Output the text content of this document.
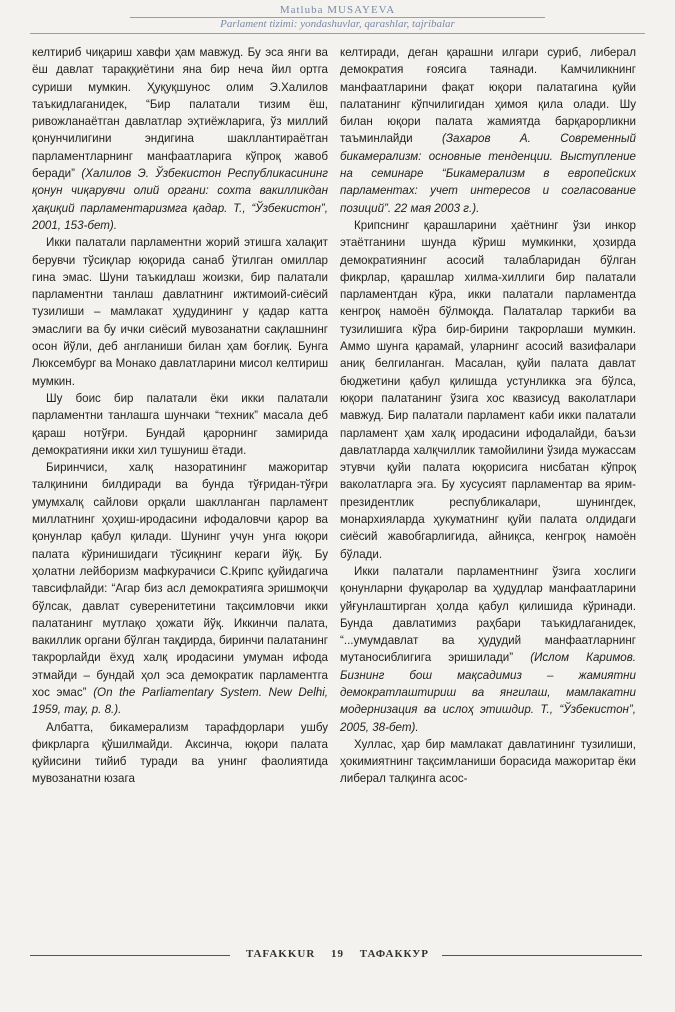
Matluba MUSAYEVA
Parlament tizimi: yondashuvlar, qarashlar, tajribalar

келтириб чиқариш хавфи ҳам мавжуд. Бу эса янги ва ёш давлат тараққиётини яна бир неча йил ортга суриши мумкин. Ҳуқуқшунос олим Э.Халилов таъкидлаганидек, “Бир палатали тизим ёш, ривожланаётган давлатлар эҳтиёжларига, ўз миллий қонунчилигини эндигина шакллантираётган парламентларнинг манфаатларига кўпроқ жавоб беради” (Халилов Э. Ўзбекистон Республикасининг қонун чиқарувчи олий органи: сохта вакилликдан ҳақиқий парламентаризмга қадар. Т., “Ўзбекистон”, 2001, 153-бет).

Икки палатали парламентни жорий этишга халақит берувчи тўсиқлар юқорида санаб ўтилган омиллар​гина эмас. Шуни таъкидлаш жоизки, бир палатали парламентни танлаш давлатнинг ижтимоий-сиёсий тузилиши – мамлакат ҳудудининг у қадар катта эмаслиги ва бу ички сиёсий мувозанатни сақлашнинг осон йўли, деб англаниши билан ҳам боғлиқ. Бунга Люксембург ва Монако давлатларини мисол келтириш мумкин.

Шу боис бир палатали ёки икки палатали парламентни танлашга шунчаки “техник” масала деб қараш нотўғри. Бундай қарорнинг замирида демократияни икки хил тушуниш ётади.

Биринчиси, халқ назоратининг мажоритар талқинини билдиради ва бунда тўғридан-тўғри умумхалқ сайлови орқали шаклланган парламент миллатнинг ҳоҳиш-иродасини ифодаловчи қарор ва қонунлар қабул қилади. Шунинг учун унга юқори палата кўринишидаги тўсиқнинг кераги йўқ. Бу ҳолатни лейборизм мафкурачиси С.Крипс қуйидагича тавсифлайди: “Агар биз асл демократияга эришмоқчи бўлсак, давлат суверенитетини тақсимловчи икки палатанинг мутлақо ҳожати йўқ. Иккинчи палата, вакиллик органи бўлган тақдирда, биринчи палатанинг такрорлайди ёхуд халқ иродасини умуман ифода этмайди – бундай ҳол эса демократик парламентга хос эмас” (On the Parliamentary System. New Delhi, 1959, may, p. 8.).

Албатта, бикамерализм тарафдорлари ушбу фикрларга қўшилмайди. Аксинча, юқори палата қуйисини тийиб туради ва унинг фаолиятида мувозанатни юзага

келтиради, деган қарашни илгари суриб, либерал демократия ғоясига таянади. Камчиликнинг манфаатларини фақат юқори палатагина қуйи палатанинг кўпчилигидан ҳимоя қила олади. Шу билан юқори палата жамиятда барқарорликни таъминлайди	(Захаров А. Современный бикамерализм: основные тенденции. Выступление на семинаре “Бикамерализм в европейских парламентах: учет интересов и согласование позиций”. 22 мая 2003 г.).

Крипснинг қарашларини ҳаётнинг ўзи инкор этаётганини шунда кўриш мумкинки, ҳозирда демократиянинг асосий талабларидан бўлган фикрлар, қарашлар хилма-хиллиги бир палатали парламентдан кўра, икки палатали парламентда кенгроқ намоён бўлмоқда. Палаталар таркиби ва тузилишига кўра бир-бирини такрорлаши мумкин. Аммо шунга қарамай, уларнинг асосий вазифалари аниқ белгиланган. Масалан, қуйи палата давлат бюджетини қабул қилишда устунликка эга бўлса, юқори палатанинг ўзига хос квазисуд ваколатлари мавжуд. Бир палатали парламент каби икки палатали парламент ҳам халқ иродасини ифодалайди, баъзи давлатларда халқчиллик тамойилини ўзида мужассам этувчи қуйи палата юқорисига нисбатан кўпроқ ваколатларга эга. Бу хусусият парламентар ва ярим-президентлик республикалари, шунингдек, монархияларда ҳукуматнинг қуйи палата олдидаги сиёсий жавобгарлигида, айниқса, кенгроқ намоён бўлади.

Икки палатали парламентнинг ўзига хослиги қонунларни фуқаролар ва ҳудудлар манфаатларини уйғунлаштирган ҳолда қабул қилишида кўринади. Бунда давлатимиз раҳбари таъкидлаганидек, “...умумдавлат ва ҳудудий манфаатларнинг мутаносиблигига эришилади” (Ислом Каримов. Бизнинг бош мақсадимиз – жамиятни демократлаштириш ва янгилаш, мамлакатни модернизация ва ислоҳ этишдир. Т., “Ўзбекистон”, 2005, 38-бет).

Хуллас, ҳар бир мамлакат давлатининг тузилиши, ҳокимиятнинг тақсимланиши борасида мажоритар ёки либерал талқинга асос-

TAFAKKUR 19 ТАФАККУР
